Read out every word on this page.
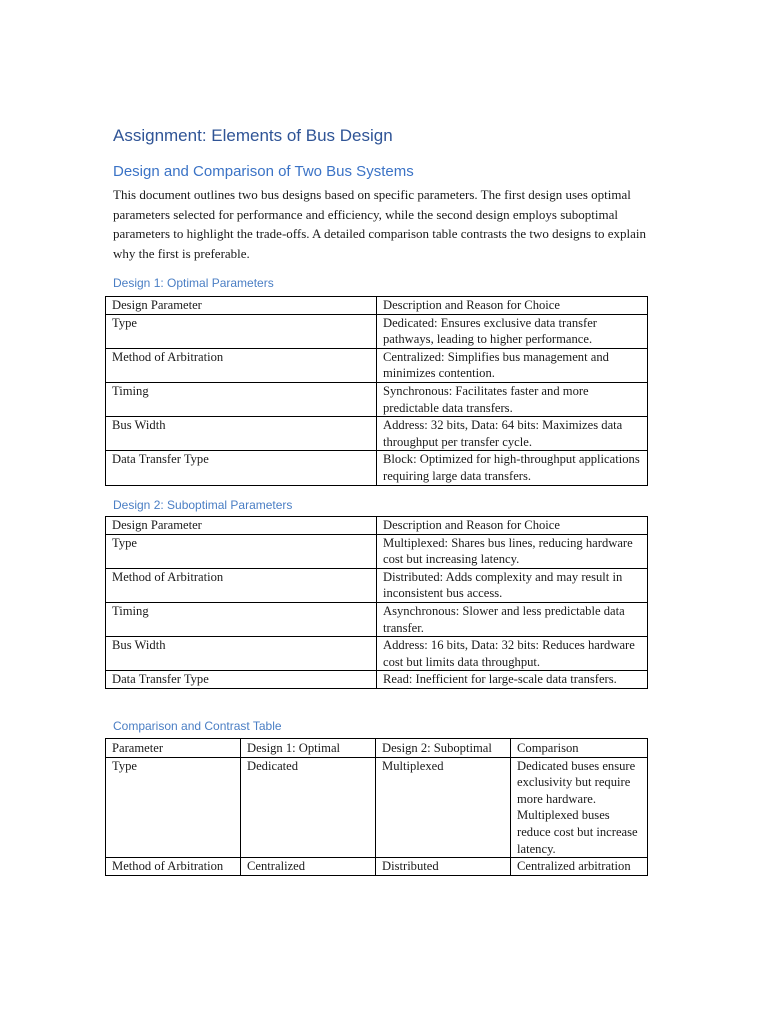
Assignment: Elements of Bus Design
Design and Comparison of Two Bus Systems

This document outlines two bus designs based on specific parameters. The first design uses optimal parameters selected for performance and efficiency, while the second design employs suboptimal parameters to highlight the trade-offs. A detailed comparison table contrasts the two designs to explain why the first is preferable.

Design 1: Optimal Parameters
Design Parameter	Description and Reason for Choice
Type	Dedicated: Ensures exclusive data transfer pathways, leading to higher performance.
Method of Arbitration	Centralized: Simplifies bus management and minimizes contention.
Timing	Synchronous: Facilitates faster and more predictable data transfers.
Bus Width	Address: 32 bits, Data: 64 bits: Maximizes data throughput per transfer cycle.
Data Transfer Type	Block: Optimized for high-throughput applications requiring large data transfers.
Design 2: Suboptimal Parameters
Design Parameter	Description and Reason for Choice
Type	Multiplexed: Shares bus lines, reducing hardware cost but increasing latency.
Method of Arbitration	Distributed: Adds complexity and may result in inconsistent bus access.
Timing	Asynchronous: Slower and less predictable data transfer.
Bus Width	Address: 16 bits, Data: 32 bits: Reduces hardware cost but limits data throughput.
Data Transfer Type	Read: Inefficient for large-scale data transfers.
Comparison and Contrast Table
Parameter	Design 1: Optimal	Design 2: Suboptimal	Comparison
Type	Dedicated	Multiplexed	Dedicated buses ensure exclusivity but require more hardware. Multiplexed buses reduce cost but increase latency.
Method of Arbitration	Centralized	Distributed	Centralized arbitration
